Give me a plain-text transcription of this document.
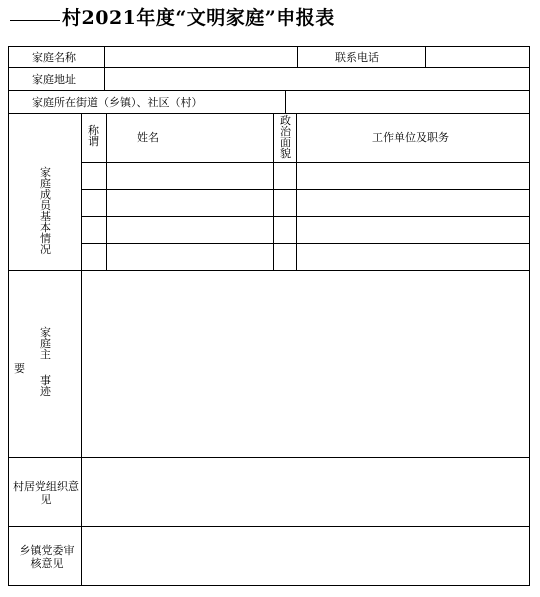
村2021年度“文明家庭”申报表
家庭名称	联系电话
家庭地址
家庭所在街道（乡镇）、社区（村）
家庭成员基本情况
称谓	姓名
政治面貌
工作单位及职务
家庭主
要
事迹
村居党组织意见
乡镇党委审核意见
